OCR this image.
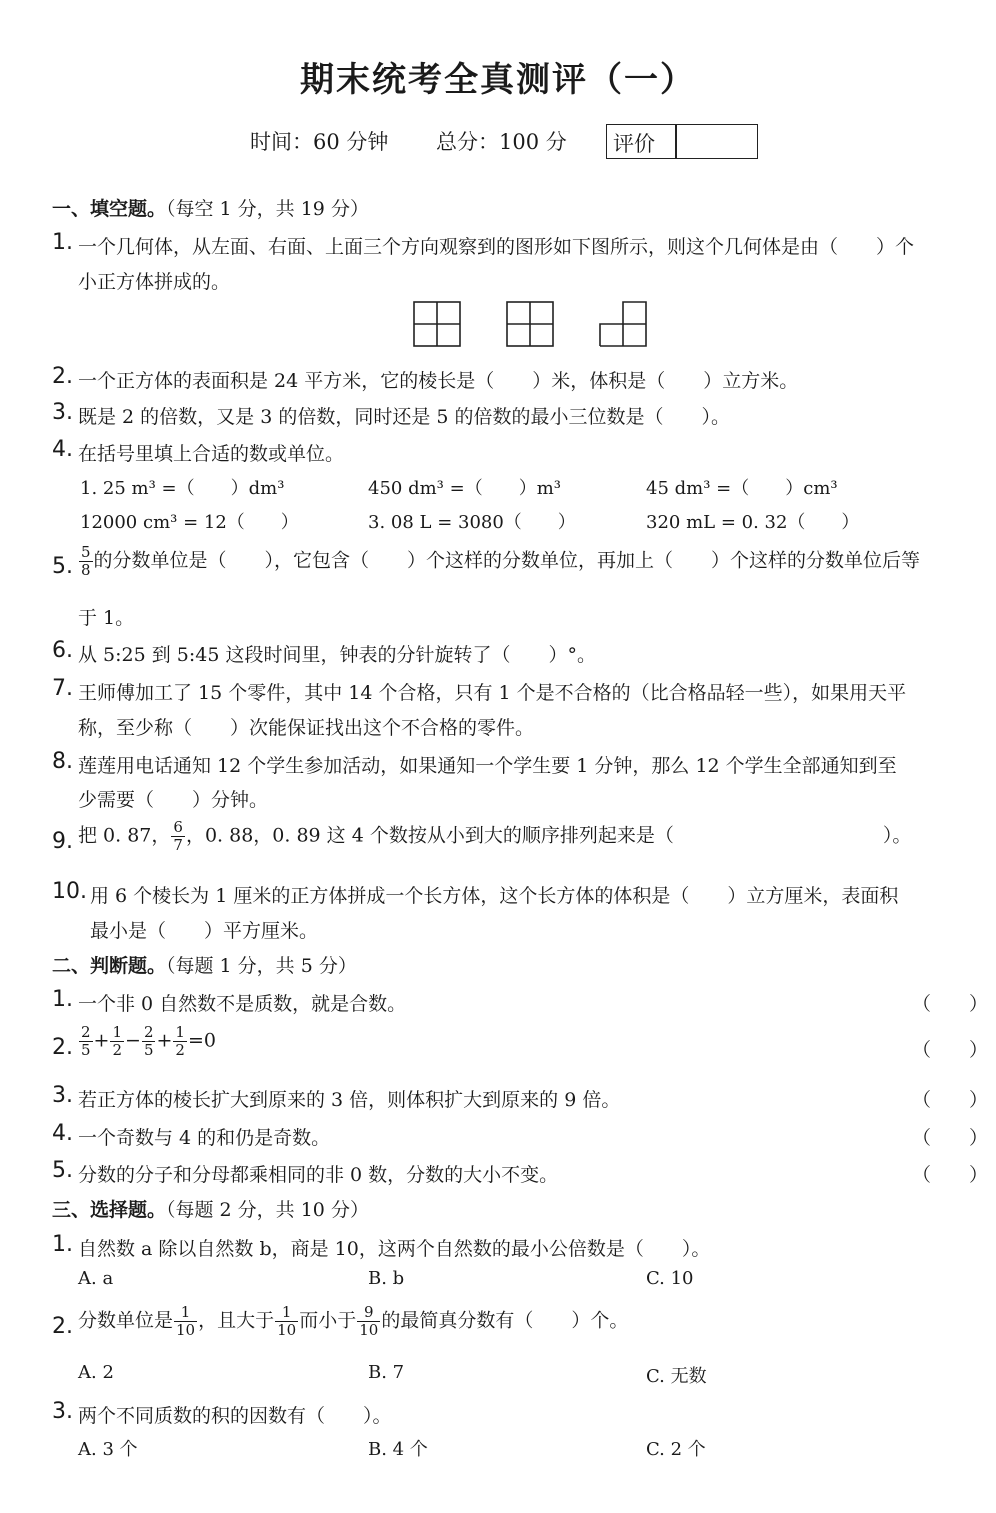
期末统考全真测评（一）
时间：60 分钟 总分：100 分 评价
一、填空题。（每空 1 分，共 19 分）
1. 一个几何体，从左面、右面、上面三个方向观察到的图形如下图所示，则这个几何体是由（　　）个
小正方体拼成的。
2. 一个正方体的表面积是 24 平方米，它的棱长是（　　）米，体积是（　　）立方米。
3. 既是 2 的倍数，又是 3 的倍数，同时还是 5 的倍数的最小三位数是（　　）。
4. 在括号里填上合适的数或单位。
1. 25 m³ =（　　）dm³	450 dm³ =（　　）m³	45 dm³ =（　　）cm³
12000 cm³ = 12（　　）	3. 08 L = 3080（　　）	320 mL = 0. 32（　　）
5. $\frac{5}{8}$ 的分数单位是（　　），它包含（　　）个这样的分数单位，再加上（　　）个这样的分数单位后等
于 1。
6. 从 5:25 到 5:45 这段时间里，钟表的分针旋转了（　　）°。
7. 王师傅加工了 15 个零件，其中 14 个合格，只有 1 个是不合格的（比合格品轻一些），如果用天平
称，至少称（　　）次能保证找出这个不合格的零件。
8. 莲莲用电话通知 12 个学生参加活动，如果通知一个学生要 1 分钟，那么 12 个学生全部通知到至
少需要（　　）分钟。
9. 把 0. 87， $\frac{6}{7}$ ，0. 88，0. 89 这 4 个数按从小到大的顺序排列起来是（　　　　　　　　　　　）。
10. 用 6 个棱长为 1 厘米的正方体拼成一个长方体，这个长方体的体积是（　　）立方厘米，表面积
最小是（　　）平方厘米。
二、判断题。（每题 1 分，共 5 分）
1. 一个非 0 自然数不是质数，就是合数。	（　　）
2. $\frac{2}{5} + \frac{1}{2} - \frac{2}{5} + \frac{1}{2} =0$	（　　）
3. 若正方体的棱长扩大到原来的 3 倍，则体积扩大到原来的 9 倍。	（　　）
4. 一个奇数与 4 的和仍是奇数。	（　　）
5. 分数的分子和分母都乘相同的非 0 数，分数的大小不变。	（　　）
三、选择题。（每题 2 分，共 10 分）
1. 自然数 a 除以自然数 b，商是 10，这两个自然数的最小公倍数是（　　）。
A. a	B. b	C. 10
2. 分数单位是 $\frac{1}{10}$ ，且大于 $\frac{1}{10}$ 而小于 $\frac{9}{10}$ 的最简真分数有（　　）个。
A. 2	B. 7	C. 无数
3. 两个不同质数的积的因数有（　　）。
A. 3 个	B. 4 个	C. 2 个
